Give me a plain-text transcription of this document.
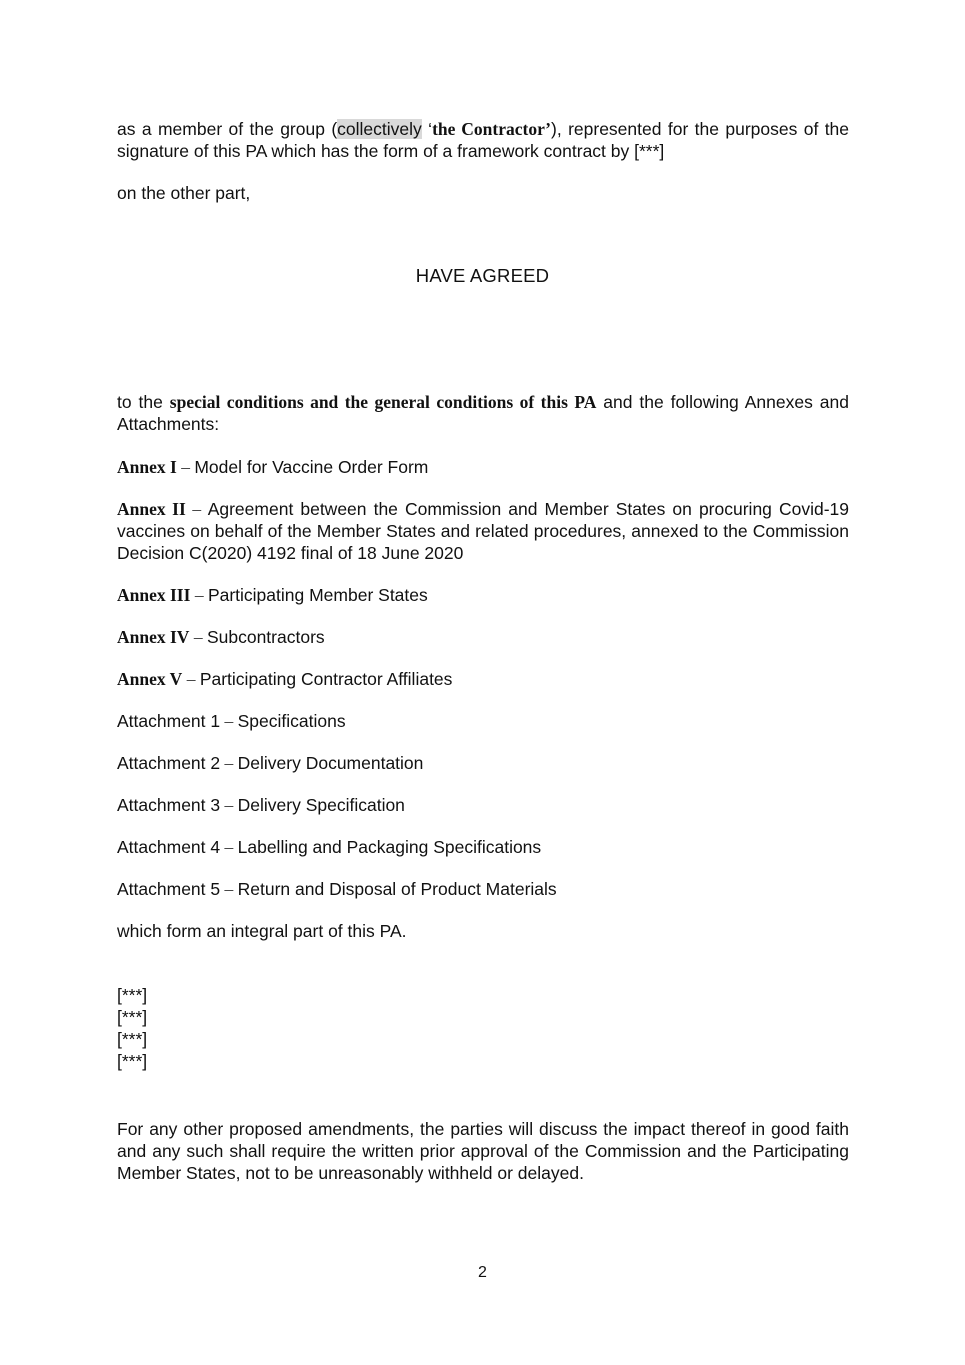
as a member of the group (collectively ‘the Contractor’), represented for the purposes of the signature of this PA which has the form of a framework contract by [***]

on the other part,

HAVE AGREED

to the special conditions and the general conditions of this PA and the following Annexes and Attachments:

Annex I – Model for Vaccine Order Form

Annex II – Agreement between the Commission and Member States on procuring Covid-19 vaccines on behalf of the Member States and related procedures, annexed to the Commission Decision C(2020) 4192 final of 18 June 2020

Annex III – Participating Member States

Annex IV – Subcontractors

Annex V – Participating Contractor Affiliates

Attachment 1 – Specifications

Attachment 2 – Delivery Documentation

Attachment 3 – Delivery Specification

Attachment 4 – Labelling and Packaging Specifications

Attachment 5 – Return and Disposal of Product Materials

which form an integral part of this PA.

[***]
[***]
[***]
[***]

For any other proposed amendments, the parties will discuss the impact thereof in good faith and any such shall require the written prior approval of the Commission and the Participating Member States, not to be unreasonably withheld or delayed.

2
